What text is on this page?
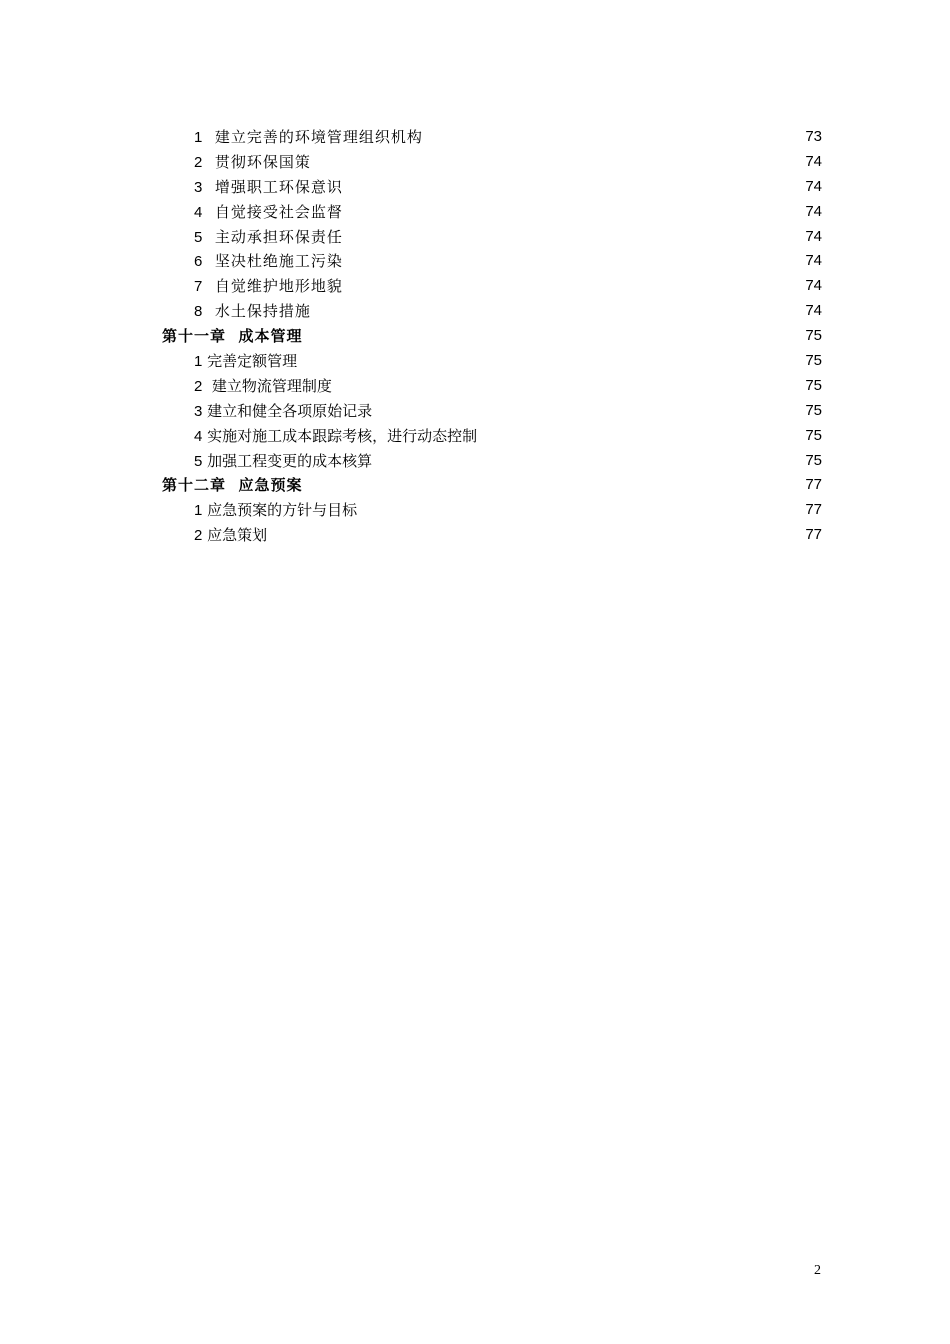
1 建立完善的环境管理组织机构	73
2 贯彻环保国策	74
3 增强职工环保意识	74
4 自觉接受社会监督	74
5 主动承担环保责任	74
6 坚决杜绝施工污染	74
7 自觉维护地形地貌	74
8 水土保持措施	74
第十一章  成本管理	75
1 完善定额管理	75
2 建立物流管理制度	75
3 建立和健全各项原始记录	75
4 实施对施工成本跟踪考核，进行动态控制	75
5 加强工程变更的成本核算	75
第十二章  应急预案	77
1 应急预案的方针与目标	77
2 应急策划	77
2
